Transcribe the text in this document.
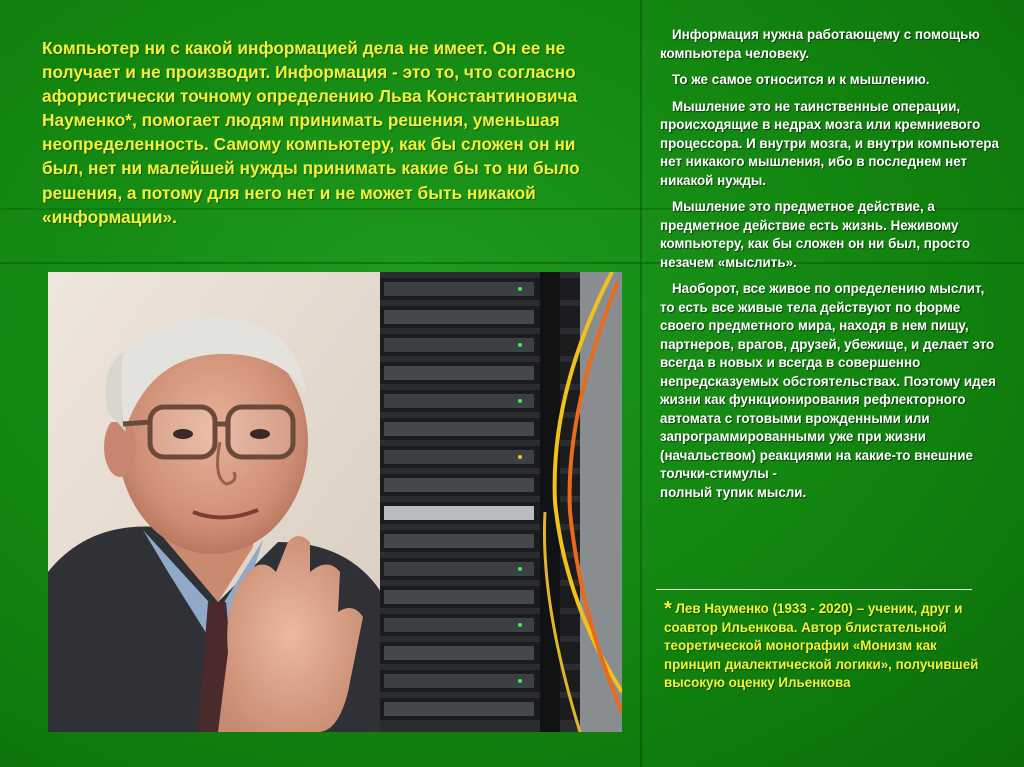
Компьютер ни с какой информацией дела не имеет. Он ее не получает и не производит. Информация - это то, что согласно афористически точному определению Льва Константиновича Науменко*, помогает людям принимать решения, уменьшая неопределенность. Самому компьютеру, как бы сложен он ни был, нет ни малейшей нужды принимать какие бы то ни было решения, а потому для него нет и не может быть никакой «информации».

Информация нужна работающему с помощью компьютера человеку.

То же самое относится и к мышлению.

Мышление это не таинственные операции, происходящие в недрах мозга или кремниевого процессора. И внутри мозга, и внутри компьютера нет никакого мышления, ибо в последнем нет никакой нужды.

Мышление это предметное действие, а предметное действие есть жизнь. Неживому компьютеру, как бы сложен он ни был, просто незачем «мыслить».

Наоборот, все живое по определению мыслит, то есть все живые тела действуют по форме своего предметного мира, находя в нем пищу, партнеров, врагов, друзей, убежище, и делает это всегда в новых и всегда в совершенно непредсказуемых обстоятельствах. Поэтому идея жизни как функционирования рефлекторного автомата с готовыми врожденными или запрограммированными уже при жизни (начальством) реакциями на какие-то внешние толчки-стимулы -

полный тупик мысли.

* Лев Науменко (1933 - 2020) – ученик, друг и соавтор Ильенкова. Автор блистательной теоретической монографии «Монизм как принцип диалектической логики», получившей высокую оценку Ильенкова
